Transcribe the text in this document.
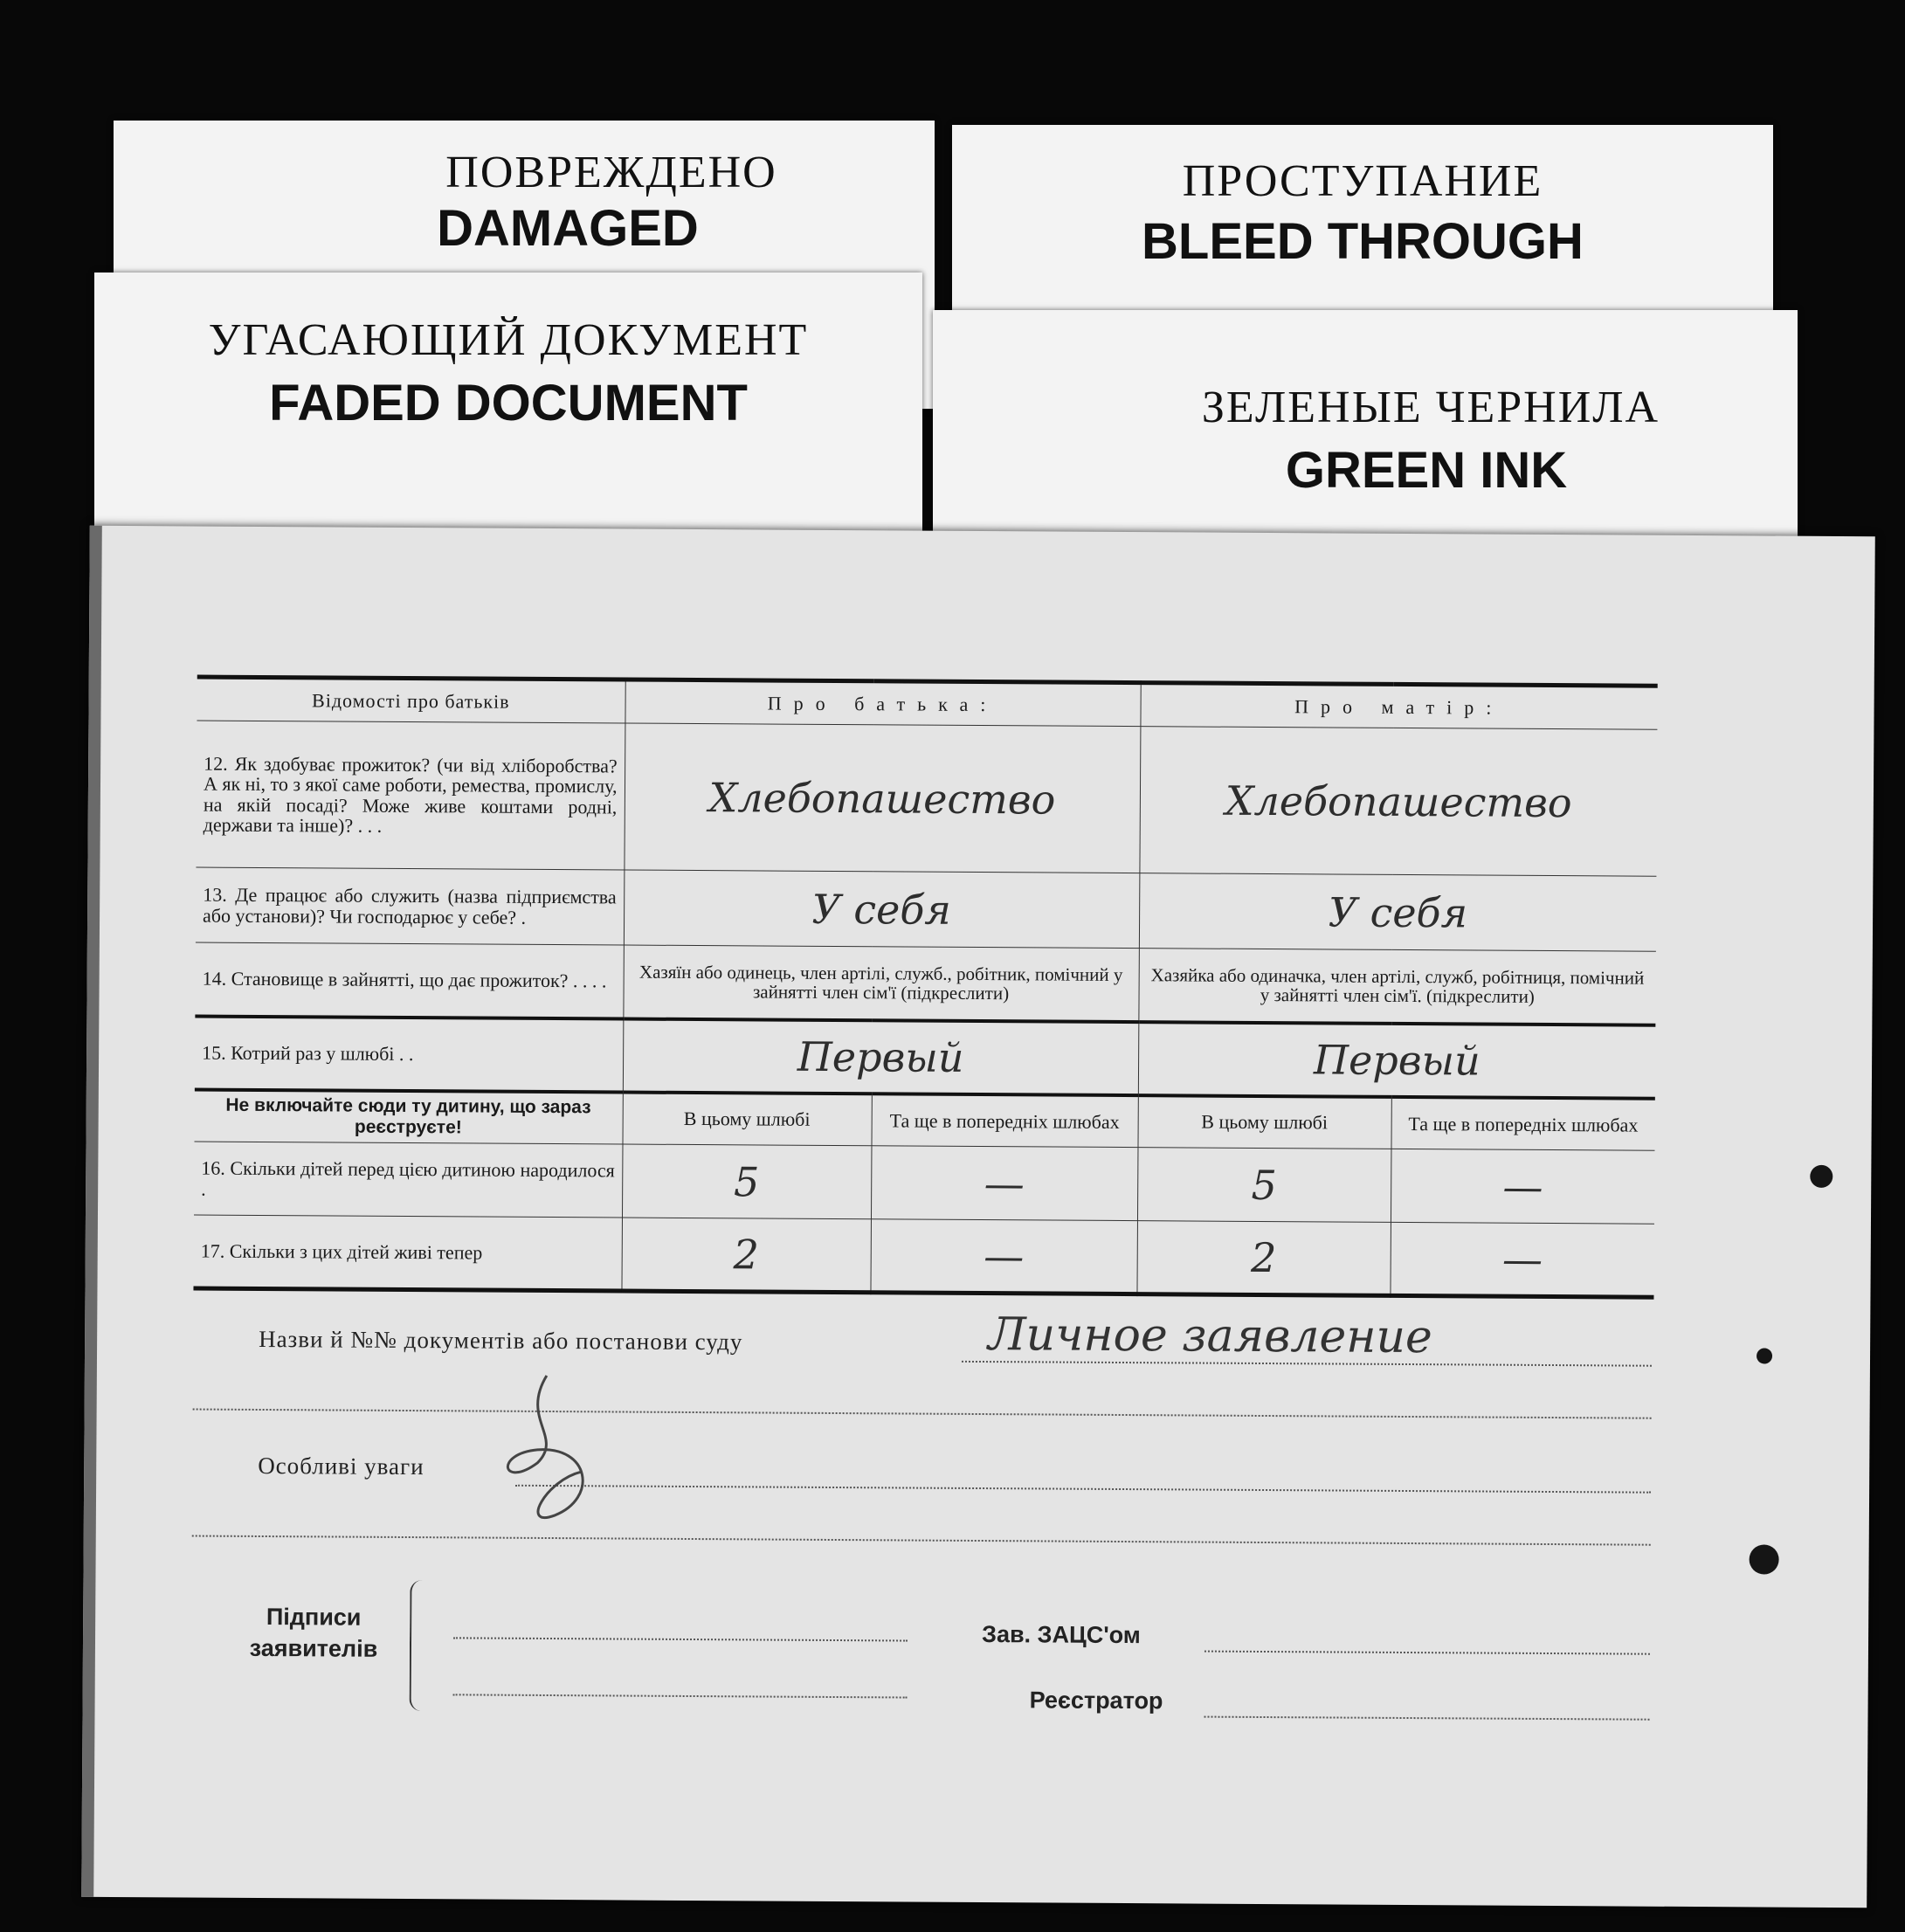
ПОВРЕЖДЕНО
DAMAGED
ПРОСТУПАНИЕ
BLEED THROUGH
УГАСАЮЩИЙ ДОКУМЕНТ
FADED DOCUMENT	ЗЕЛЕНЫЕ ЧЕРНИЛА
GREEN INK
Відомості про батьків	Про батька:		Про матір:	
12. Як здобуває прожиток? (чи від хліборобства? А як ні, то з якої саме роботи, ремества, промислу, на якій посаді? Може живе коштами родні, держави та інше)? . . .	Хлебопашество		Хлебопашество	
13. Де працює або служить (назва підприємства або установи)? Чи господарює у себе? .	У себя		У себя	
14. Становище в зайнятті, що дає прожиток? . . . .	Хазяїн або одинець, член артілі, служб., робітник, помічний у зайнятті член сім'ї (підкреслити)		Хазяйка або одиначка, член артілі, служб, робітниця, помічний у зайнятті член сім'ї. (підкреслити)	
15. Котрий раз у шлюбі . .	Первый		Первый	
Не включайте сюди ту дитину, що зараз реєструєте!	В цьому шлюбі	Та ще в попередніх шлюбах	В цьому шлюбі	Та ще в попередніх шлюбах
16. Скільки дітей перед цією дитиною народилося .	5	—	5	—
17. Скільки з цих дітей живі тепер	2	—	2	—
Назви й №№ документів або постанови суду	Личное заявление
Особливі уваги
Підписи заявителів
Зав. ЗАЦС'ом
Реєстратор
